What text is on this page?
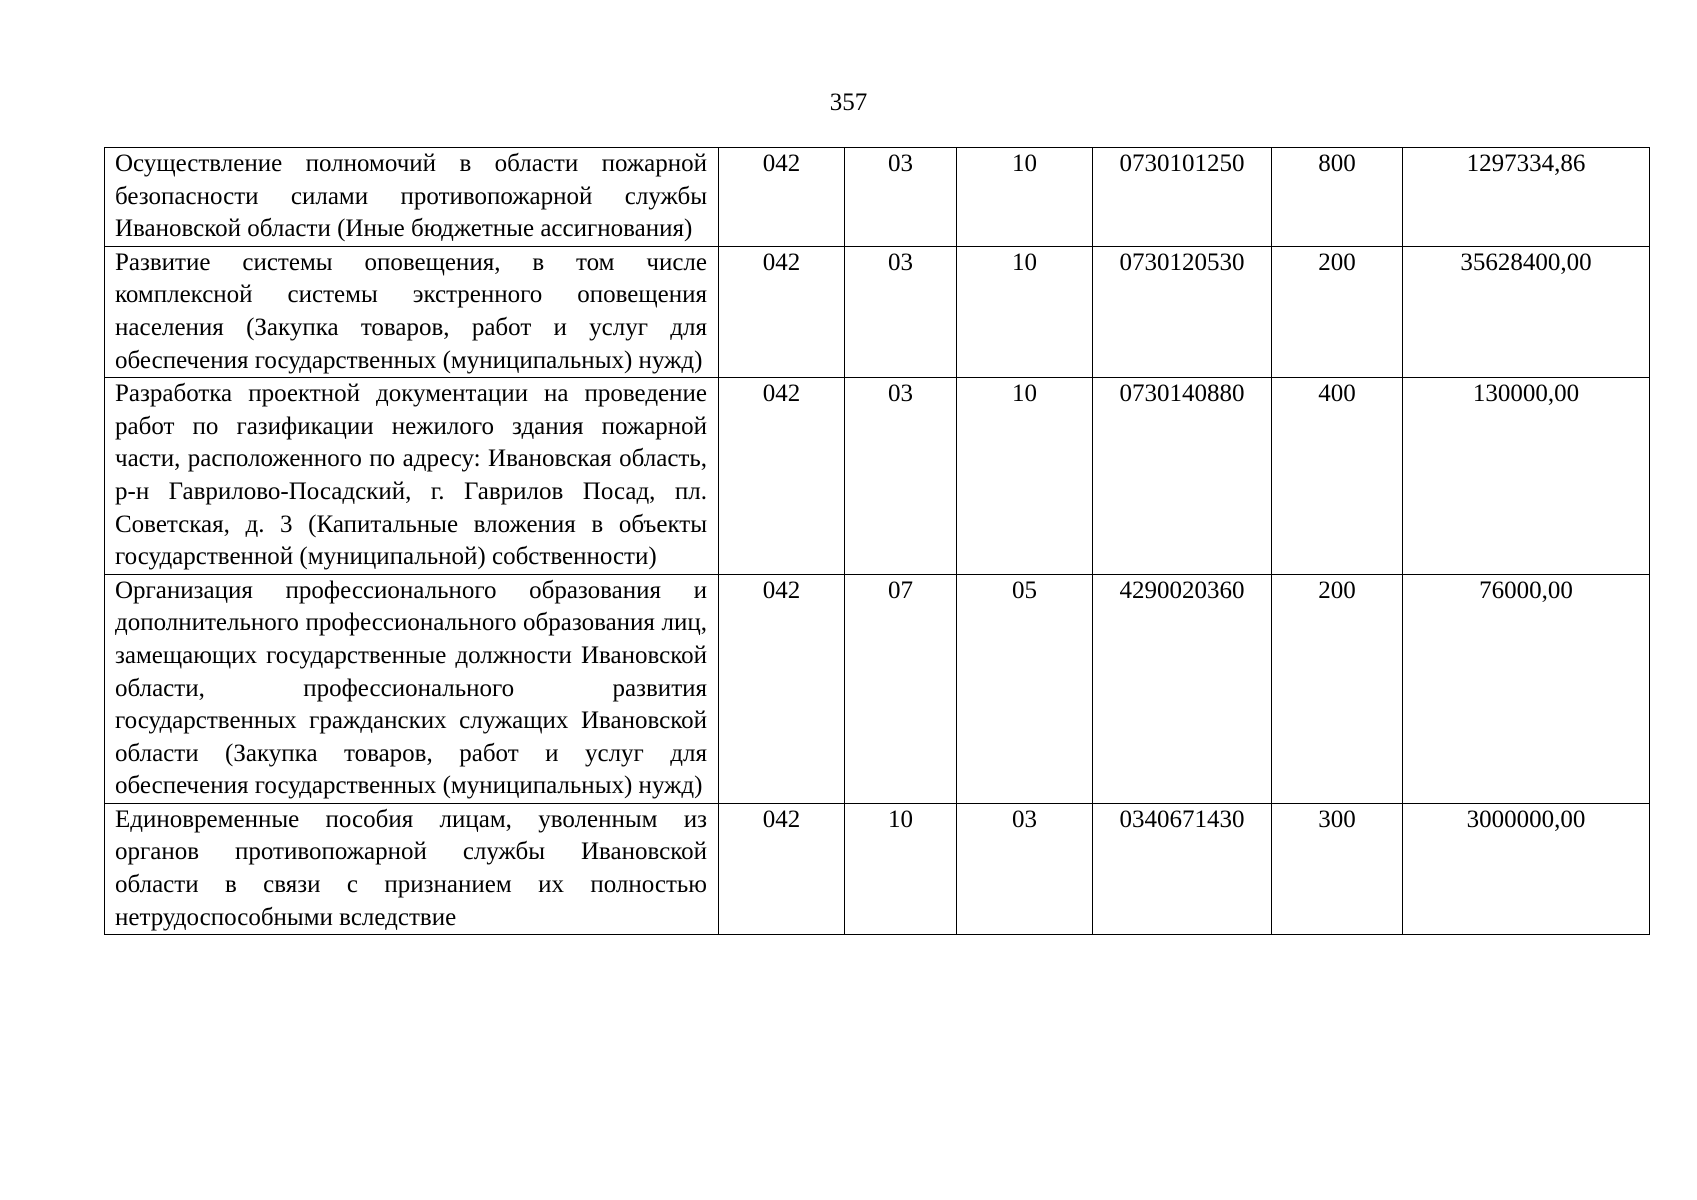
357
Осуществление полномочий в области пожарной безопасности силами противопожарной службы Ивановской области (Иные бюджетные ассигнования)	042	03	10	0730101250	800	1297334,86
Развитие системы оповещения, в том числе комплексной системы экстренного оповещения населения (Закупка товаров, работ и услуг для обеспечения государственных (муниципальных) нужд)	042	03	10	0730120530	200	35628400,00
Разработка проектной документации на проведение работ по газификации нежилого здания пожарной части, расположенного по адресу: Ивановская область, р-н Гаврилово-Посадский, г. Гаврилов Посад, пл. Советская, д. 3 (Капитальные вложения в объекты государственной (муниципальной) собственности)	042	03	10	0730140880	400	130000,00
Организация профессионального образования и дополнительного профессионального образования лиц, замещающих государственные должности Ивановской области, профессионального развития государственных гражданских служащих Ивановской области (Закупка товаров, работ и услуг для обеспечения государственных (муниципальных) нужд)	042	07	05	4290020360	200	76000,00
Единовременные пособия лицам, уволенным из органов противопожарной службы Ивановской области в связи с признанием их полностью нетрудоспособными вследствие	042	10	03	0340671430	300	3000000,00
